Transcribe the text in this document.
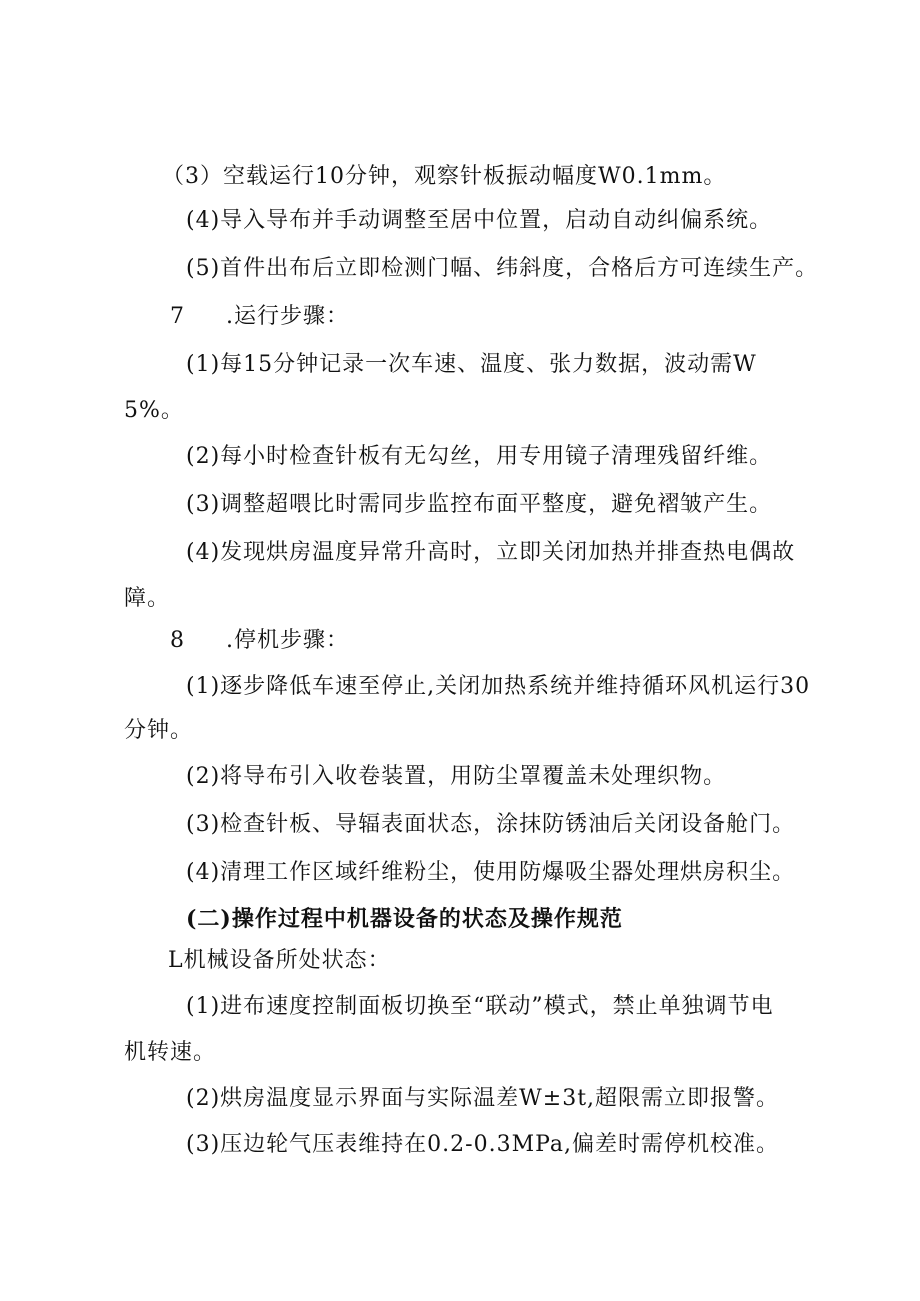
（3）空载运行10分钟，观察针板振动幅度W0.1mm。
(4)导入导布并手动调整至居中位置，启动自动纠偏系统。
(5)首件出布后立即检测门幅、纬斜度，合格后方可连续生产。
7 .运行步骤：
(1)每15分钟记录一次车速、温度、张力数据，波动需W
5%。
(2)每小时检查针板有无勾丝，用专用镜子清理残留纤维。
(3)调整超喂比时需同步监控布面平整度，避免褶皱产生。
(4)发现烘房温度异常升高时，立即关闭加热并排查热电偶故
障。
8 .停机步骤：
(1)逐步降低车速至停止,关闭加热系统并维持循环风机运行30
分钟。
(2)将导布引入收卷装置，用防尘罩覆盖未处理织物。
(3)检查针板、导辐表面状态，涂抹防锈油后关闭设备舱门。
(4)清理工作区域纤维粉尘，使用防爆吸尘器处理烘房积尘。
(二)操作过程中机器设备的状态及操作规范
L机械设备所处状态：
(1)进布速度控制面板切换至“联动”模式，禁止单独调节电
机转速。
(2)烘房温度显示界面与实际温差W±3t,超限需立即报警。
(3)压边轮气压表维持在0.2-0.3MPa,偏差时需停机校准。
